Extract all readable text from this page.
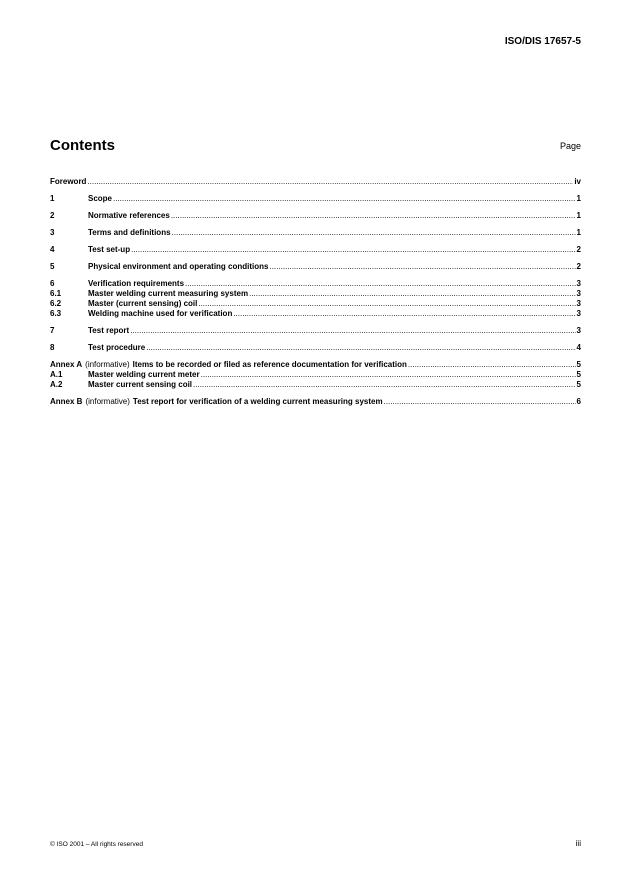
ISO/DIS 17657-5
Contents	Page
Foreword .....	iv
1	Scope .....	1
2	Normative references .....	1
3	Terms and definitions .....	1
4	Test set-up .....	2
5	Physical environment and operating conditions .....	2
6	Verification requirements .....	3
6.1	Master welding current measuring system .....	3
6.2	Master (current sensing) coil .....	3
6.3	Welding machine used for verification .....	3
7	Test report .....	3
8	Test procedure .....	4
Annex A (informative) Items to be recorded or filed as reference documentation for verification .....	5
A.1	Master welding current meter .....	5
A.2	Master current sensing coil .....	5
Annex B (informative) Test report for verification of a welding current measuring system .....	6
© ISO 2001 – All rights reserved	iii
